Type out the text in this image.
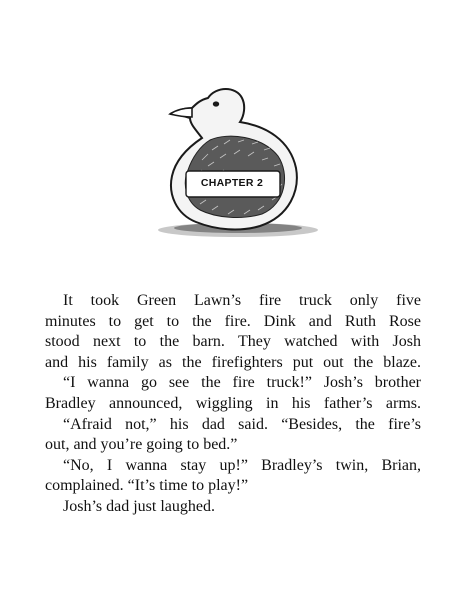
CHAPTER 2
It took Green Lawn’s fire truck only five
minutes to get to the fire. Dink and Ruth Rose
stood next to the barn. They watched with Josh
and his family as the firefighters put out the blaze.
“I wanna go see the fire truck!” Josh’s brother
Bradley announced, wiggling in his father’s arms.
“Afraid not,” his dad said. “Besides, the fire’s
out, and you’re going to bed.”
“No, I wanna stay up!” Bradley’s twin, Brian,
complained. “It’s time to play!”
Josh’s dad just laughed.
